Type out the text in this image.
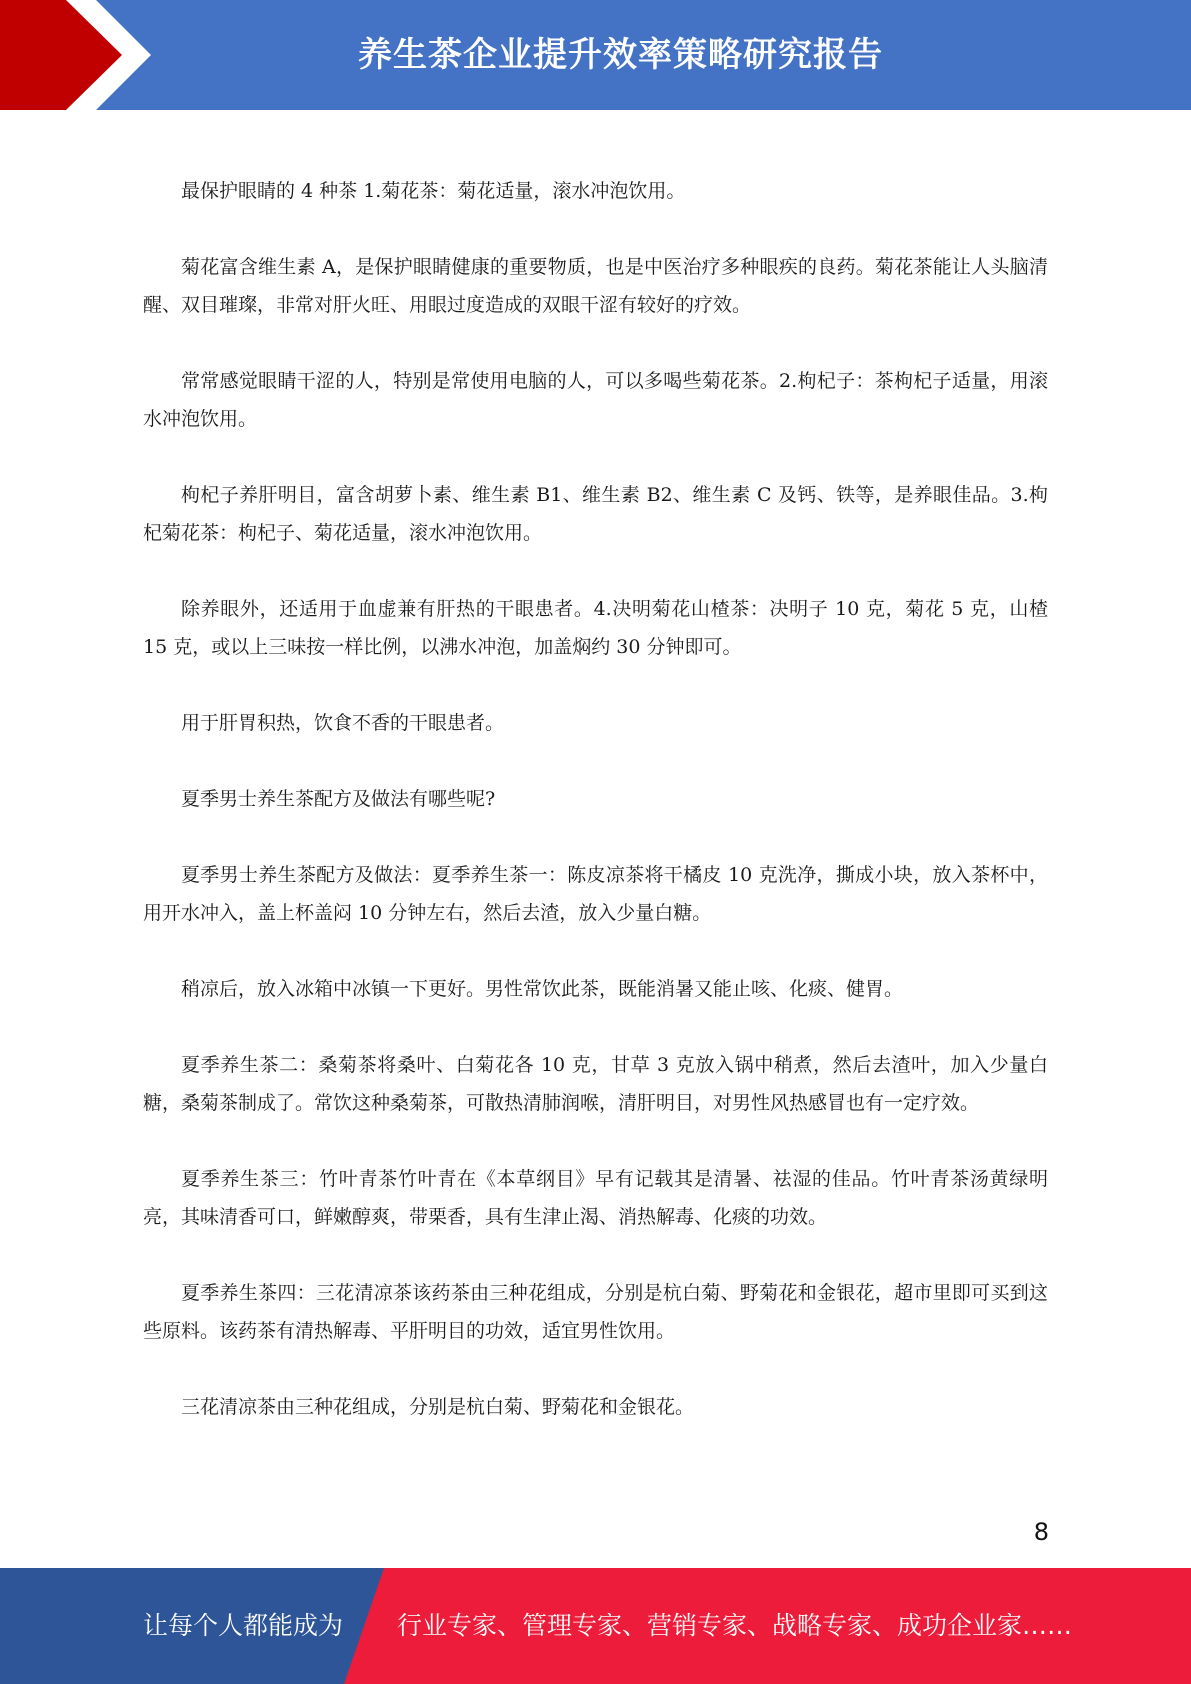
养生茶企业提升效率策略研究报告

最保护眼睛的 4 种茶 1.菊花茶：菊花适量，滚水冲泡饮用。

菊花富含维生素 A，是保护眼睛健康的重要物质，也是中医治疗多种眼疾的良药。菊花茶能让人头脑清醒、双目璀璨，非常对肝火旺、用眼过度造成的双眼干涩有较好的疗效。

常常感觉眼睛干涩的人，特别是常使用电脑的人，可以多喝些菊花茶。2.枸杞子：茶枸杞子适量，用滚水冲泡饮用。

枸杞子养肝明目，富含胡萝卜素、维生素 B1、维生素 B2、维生素 C 及钙、铁等，是养眼佳品。3.枸杞菊花茶：枸杞子、菊花适量，滚水冲泡饮用。

除养眼外，还适用于血虚兼有肝热的干眼患者。4.决明菊花山楂茶：决明子 10 克，菊花 5 克，山楂 15 克，或以上三味按一样比例，以沸水冲泡，加盖焖约 30 分钟即可。

用于肝胃积热，饮食不香的干眼患者。

夏季男士养生茶配方及做法有哪些呢?

夏季男士养生茶配方及做法：夏季养生茶一：陈皮凉茶将干橘皮 10 克洗净，撕成小块，放入茶杯中，用开水冲入，盖上杯盖闷 10 分钟左右，然后去渣，放入少量白糖。

稍凉后，放入冰箱中冰镇一下更好。男性常饮此茶，既能消暑又能止咳、化痰、健胃。

夏季养生茶二：桑菊茶将桑叶、白菊花各 10 克，甘草 3 克放入锅中稍煮，然后去渣叶，加入少量白糖，桑菊茶制成了。常饮这种桑菊茶，可散热清肺润喉，清肝明目，对男性风热感冒也有一定疗效。

夏季养生茶三：竹叶青茶竹叶青在《本草纲目》早有记载其是清暑、祛湿的佳品。竹叶青茶汤黄绿明亮，其味清香可口，鲜嫩醇爽，带栗香，具有生津止渴、消热解毒、化痰的功效。

夏季养生茶四：三花清凉茶该药茶由三种花组成，分别是杭白菊、野菊花和金银花，超市里即可买到这些原料。该药茶有清热解毒、平肝明目的功效，适宜男性饮用。

三花清凉茶由三种花组成，分别是杭白菊、野菊花和金银花。

8
让每个人都能成为 行业专家、管理专家、营销专家、战略专家、成功企业家……
